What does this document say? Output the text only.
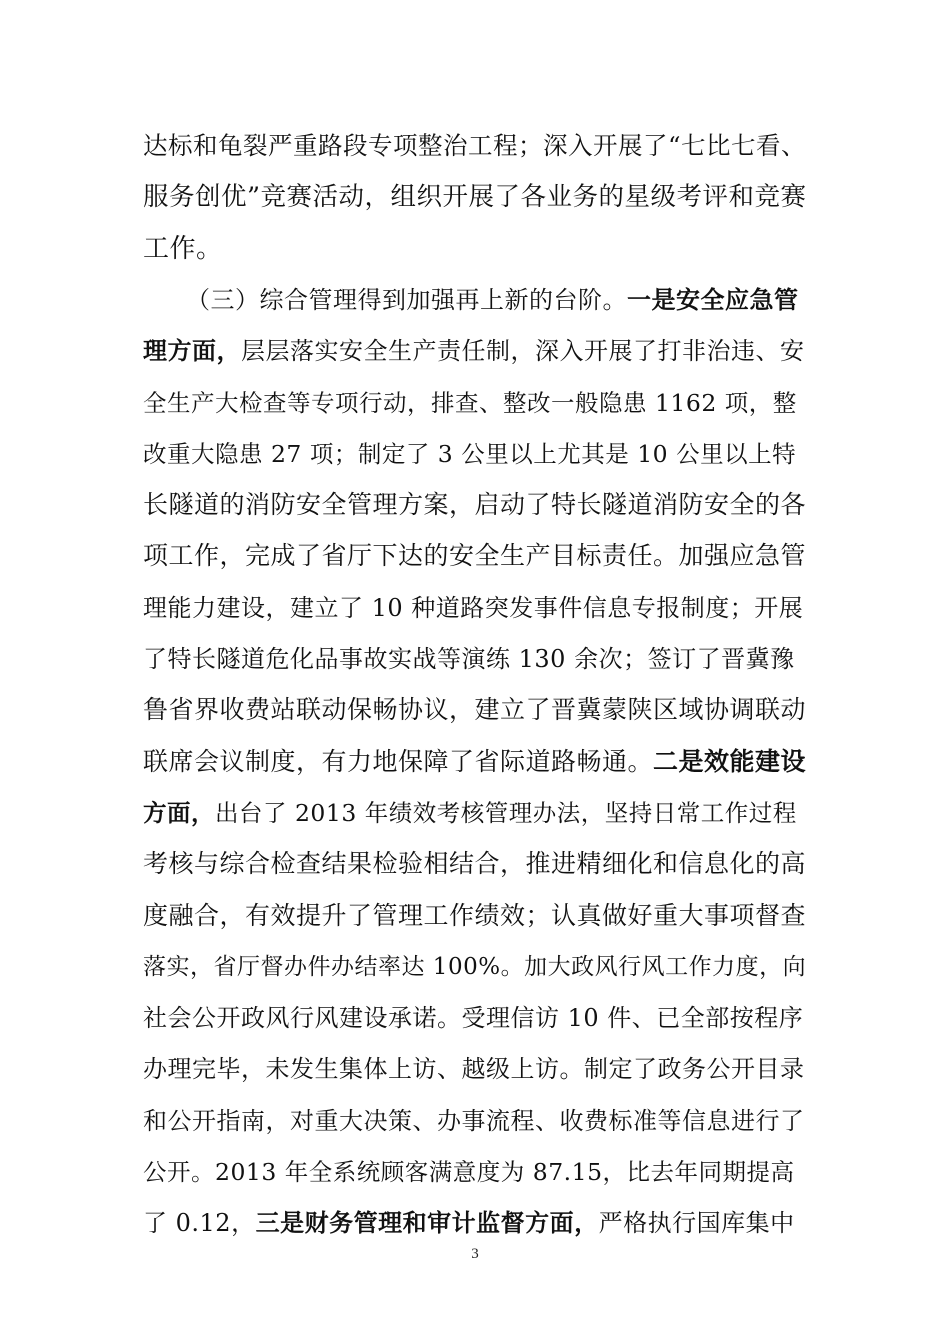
达标和龟裂严重路段专项整治工程；深入开展了“七比七看、
服务创优”竞赛活动，组织开展了各业务的星级考评和竞赛
工作。
（三）综合管理得到加强再上新的台阶。一是安全应急管
理方面，层层落实安全生产责任制，深入开展了打非治违、安
全生产大检查等专项行动，排查、整改一般隐患 1162 项，整
改重大隐患 27 项；制定了 3 公里以上尤其是 10 公里以上特
长隧道的消防安全管理方案，启动了特长隧道消防安全的各
项工作，完成了省厅下达的安全生产目标责任。加强应急管
理能力建设，建立了 10 种道路突发事件信息专报制度；开展
了特长隧道危化品事故实战等演练 130 余次；签订了晋冀豫
鲁省界收费站联动保畅协议，建立了晋冀蒙陕区域协调联动
联席会议制度，有力地保障了省际道路畅通。二是效能建设
方面，出台了 2013 年绩效考核管理办法，坚持日常工作过程
考核与综合检查结果检验相结合，推进精细化和信息化的高
度融合，有效提升了管理工作绩效；认真做好重大事项督查
落实，省厅督办件办结率达 100%。加大政风行风工作力度，向
社会公开政风行风建设承诺。受理信访 10 件、已全部按程序
办理完毕，未发生集体上访、越级上访。制定了政务公开目录
和公开指南，对重大决策、办事流程、收费标准等信息进行了
公开。2013 年全系统顾客满意度为 87.15，比去年同期提高
了 0.12，三是财务管理和审计监督方面，严格执行国库集中
3
